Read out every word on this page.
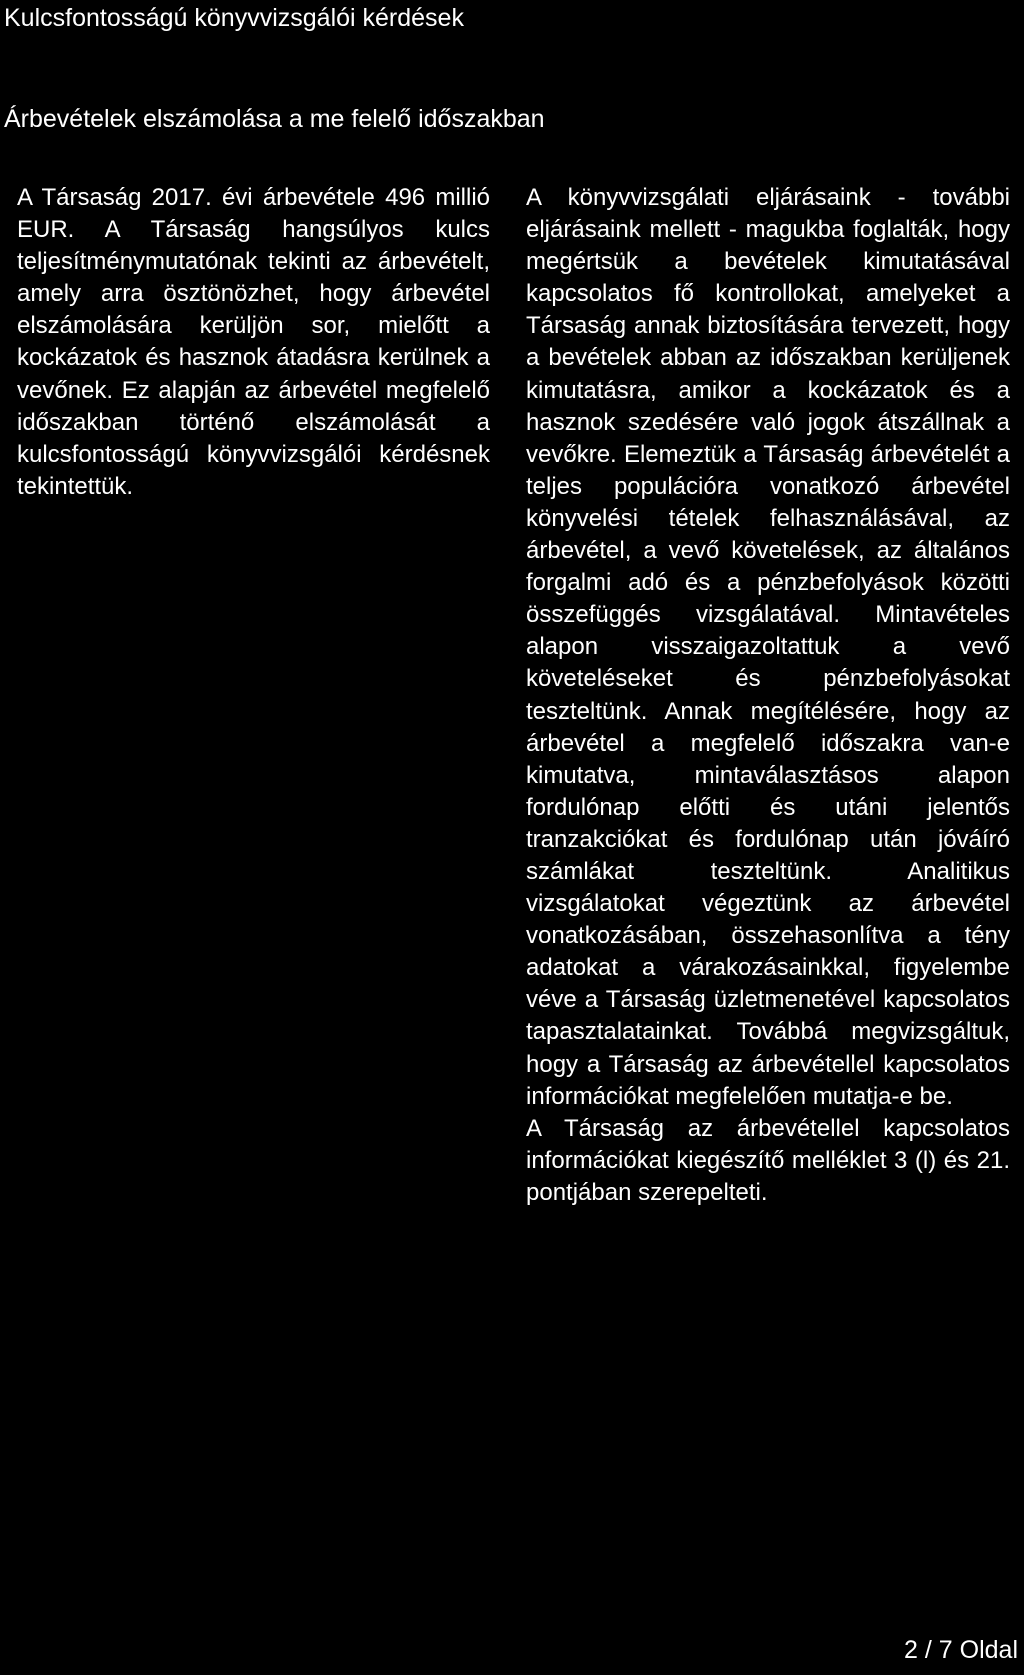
Kulcsfontosságú könyvvizsgálói kérdések
Árbevételek elszámolása a me felelő időszakban

A Társaság 2017. évi árbevétele 496 millió EUR. A Társaság hangsúlyos kulcs teljesítménymutatónak tekinti az árbevételt, amely arra ösztönözhet, hogy árbevétel elszámolására kerüljön sor, mielőtt a kockázatok és hasznok átadásra kerülnek a vevőnek. Ez alapján az árbevétel megfelelő időszakban történő elszámolását a kulcsfontosságú könyvvizsgálói kérdésnek tekintettük.

A könyvvizsgálati eljárásaink - további eljárásaink mellett - magukba foglalták, hogy megértsük a bevételek kimutatásával kapcsolatos fő kontrollokat, amelyeket a Társaság annak biztosítására tervezett, hogy a bevételek abban az időszakban kerüljenek kimutatásra, amikor a kockázatok és a hasznok szedésére való jogok átszállnak a vevőkre. Elemeztük a Társaság árbevételét a teljes populációra vonatkozó árbevétel könyvelési tételek felhasználásával, az árbevétel, a vevő követelések, az általános forgalmi adó és a pénzbefolyások közötti összefüggés vizsgálatával. Mintavételes alapon visszaigazoltattuk a vevő követeléseket és pénzbefolyásokat teszteltünk. Annak megítélésére, hogy az árbevétel a megfelelő időszakra van-e kimutatva, mintaválasztásos alapon fordulónap előtti és utáni jelentős tranzakciókat és fordulónap után jóváíró számlákat teszteltünk. Analitikus vizsgálatokat végeztünk az árbevétel vonatkozásában, összehasonlítva a tény adatokat a várakozásainkkal, figyelembe véve a Társaság üzletmenetével kapcsolatos tapasztalatainkat. Továbbá megvizsgáltuk, hogy a Társaság az árbevétellel kapcsolatos információkat megfelelően mutatja-e be.

A Társaság az árbevétellel kapcsolatos információkat kiegészítő melléklet 3 (l) és 21. pontjában szerepelteti.

2 / 7 Oldal
